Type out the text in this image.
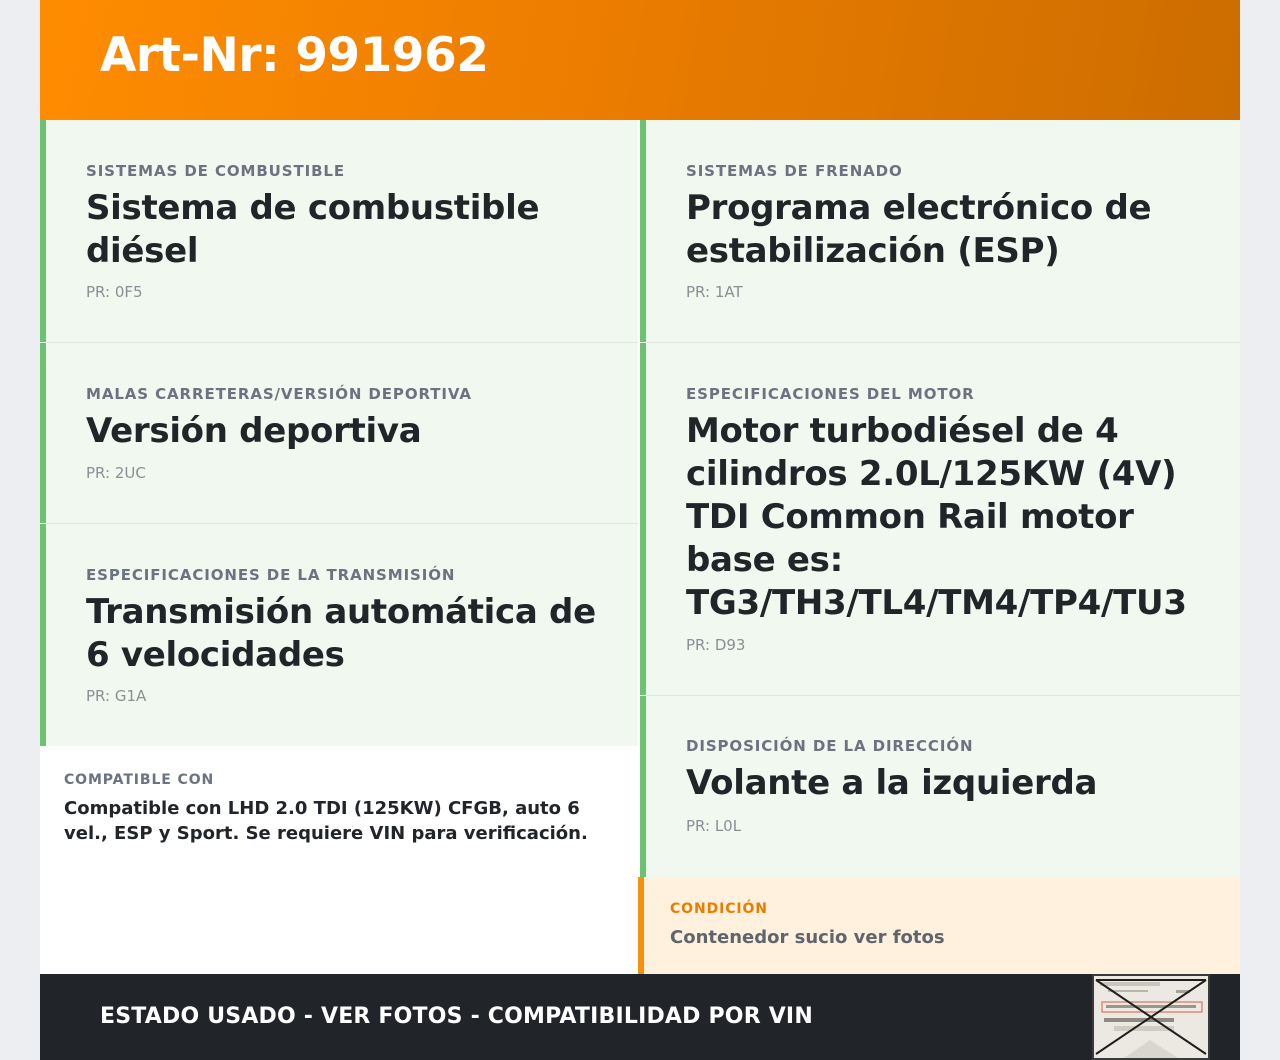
Art-Nr: 991962
SISTEMAS DE COMBUSTIBLE
Sistema de combustible diésel
PR: 0F5
MALAS CARRETERAS/VERSIÓN DEPORTIVA
Versión deportiva
PR: 2UC
ESPECIFICACIONES DE LA TRANSMISIÓN
Transmisión automática de 6 velocidades
PR: G1A
COMPATIBLE CON
Compatible con LHD 2.0 TDI (125KW) CFGB, auto 6 vel., ESP y Sport. Se requiere VIN para verificación.
SISTEMAS DE FRENADO
Programa electrónico de estabilización (ESP)
PR: 1AT
ESPECIFICACIONES DEL MOTOR
Motor turbodiésel de 4 cilindros 2.0L/125KW (4V) TDI Common Rail motor base es: TG3/TH3/TL4/TM4/TP4/TU3
PR: D93
DISPOSICIÓN DE LA DIRECCIÓN
Volante a la izquierda
PR: L0L
CONDICIÓN
Contenedor sucio ver fotos
ESTADO USADO - VER FOTOS - COMPATIBILIDAD POR VIN
